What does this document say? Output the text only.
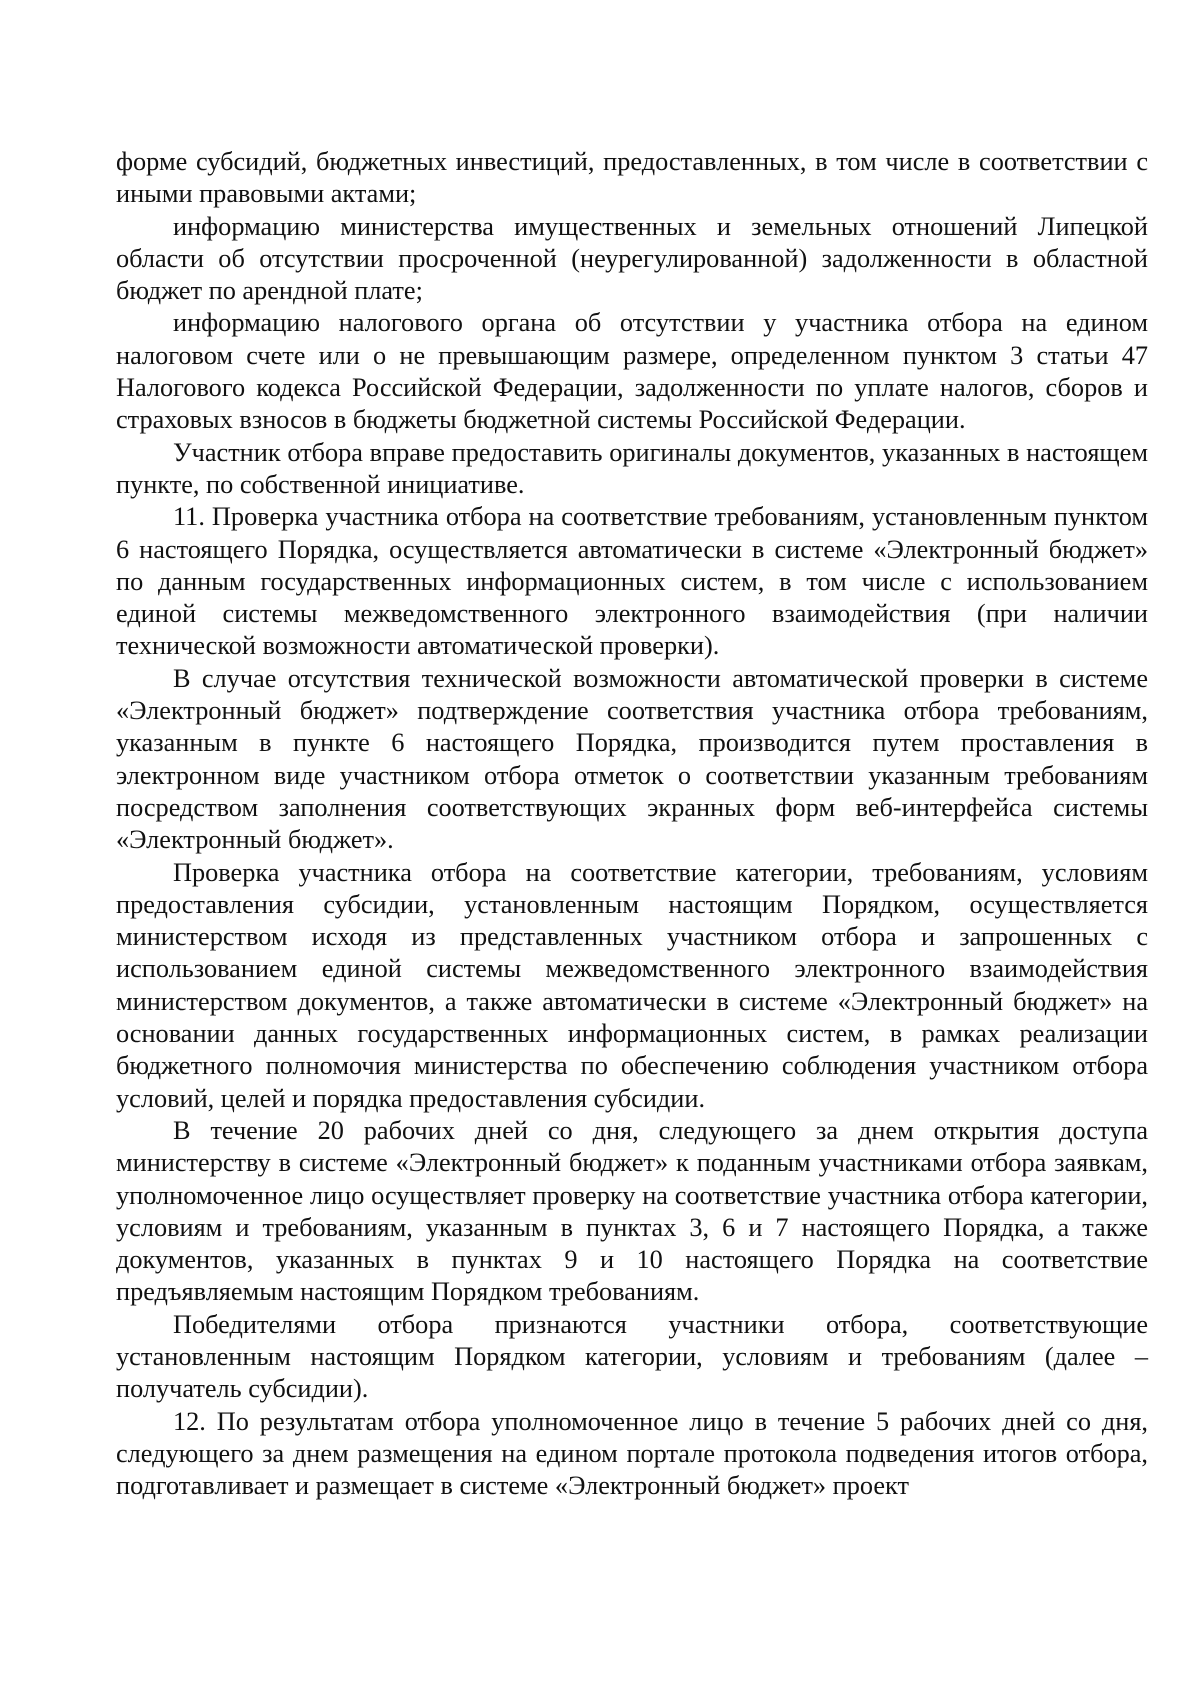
форме субсидий, бюджетных инвестиций, предоставленных, в том числе в соответствии с иными правовыми актами;

информацию министерства имущественных и земельных отношений Липецкой области об отсутствии просроченной (неурегулированной) задолженности в областной бюджет по арендной плате;

информацию налогового органа об отсутствии у участника отбора на едином налоговом счете или о не превышающим размере, определенном пунктом 3 статьи 47 Налогового кодекса Российской Федерации, задолженности по уплате налогов, сборов и страховых взносов в бюджеты бюджетной системы Российской Федерации.

Участник отбора вправе предоставить оригиналы документов, указанных в настоящем пункте, по собственной инициативе.

11. Проверка участника отбора на соответствие требованиям, установленным пунктом 6 настоящего Порядка, осуществляется автоматически в системе «Электронный бюджет» по данным государственных информационных систем, в том числе с использованием единой системы межведомственного электронного взаимодействия (при наличии технической возможности автоматической проверки).

В случае отсутствия технической возможности автоматической проверки в системе «Электронный бюджет» подтверждение соответствия участника отбора требованиям, указанным в пункте 6 настоящего Порядка, производится путем проставления в электронном виде участником отбора отметок о соответствии указанным требованиям посредством заполнения соответствующих экранных форм веб-интерфейса системы «Электронный бюджет».

Проверка участника отбора на соответствие категории, требованиям, условиям предоставления субсидии, установленным настоящим Порядком, осуществляется министерством исходя из представленных участником отбора и запрошенных с использованием единой системы межведомственного электронного взаимодействия министерством документов, а также автоматически в системе «Электронный бюджет» на основании данных государственных информационных систем, в рамках реализации бюджетного полномочия министерства по обеспечению соблюдения участником отбора условий, целей и порядка предоставления субсидии.

В течение 20 рабочих дней со дня, следующего за днем открытия доступа министерству в системе «Электронный бюджет» к поданным участниками отбора заявкам, уполномоченное лицо осуществляет проверку на соответствие участника отбора категории, условиям и требованиям, указанным в пунктах 3, 6 и 7 настоящего Порядка, а также документов, указанных в пунктах 9 и 10 настоящего Порядка на соответствие предъявляемым настоящим Порядком требованиям.

Победителями отбора признаются участники отбора, соответствующие установленным настоящим Порядком категории, условиям и требованиям (далее – получатель субсидии).

12. По результатам отбора уполномоченное лицо в течение 5 рабочих дней со дня, следующего за днем размещения на едином портале протокола подведения итогов отбора, подготавливает и размещает в системе «Электронный бюджет» проект
